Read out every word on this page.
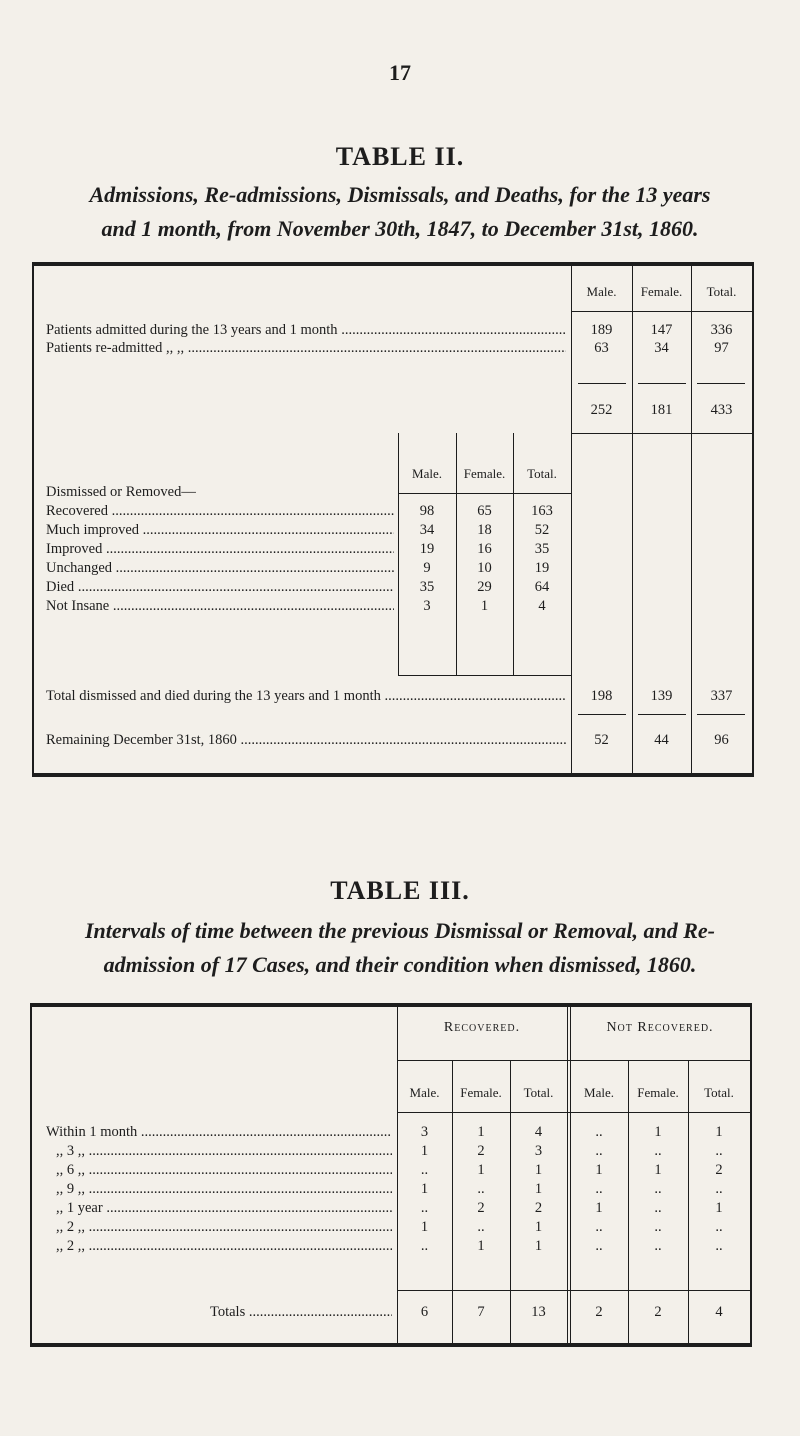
17
TABLE II.
Admissions, Re-admissions, Dismissals, and Deaths, for the 13 years
and 1 month, from November 30th, 1847, to December 31st, 1860.
Male.	Female.	Total.
Patients admitted during the 13 years and 1 month .....	189	147	336
Patients re-admitted ,, ,, .....	63	34	97
252	181	433
Male.	Female.	Total.
Dismissed or Removed—
Recovered .....	98	65	163
Much improved .....	34	18	52
Improved .....	19	16	35
Unchanged .....	9	10	19
Died .....	35	29	64
Not Insane .....	3	1	4
Total dismissed and died during the 13 years and 1 month .....	198	139	337
Remaining December 31st, 1860 .....	52	44	96
TABLE III.
Intervals of time between the previous Dismissal or Removal, and Re-
admission of 17 Cases, and their condition when dismissed, 1860.
Recovered.	Not Recovered.
Male.	Female.	Total.	Male.	Female.	Total.
Within 1 month .....	3	1	4	..	1	1
,, 3 ,, .....	1	2	3	..	..	..
,, 6 ,, .....	..	1	1	1	1	2
,, 9 ,, .....	1	..	1	..	..	..
,, 1 year .....	..	2	2	1	..	1
,, 2 ,, .....	1	..	1	..	..	..
,, 2 ,, .....	..	1	1	..	..	..
Totals .....	6	7	13	2	2	4
